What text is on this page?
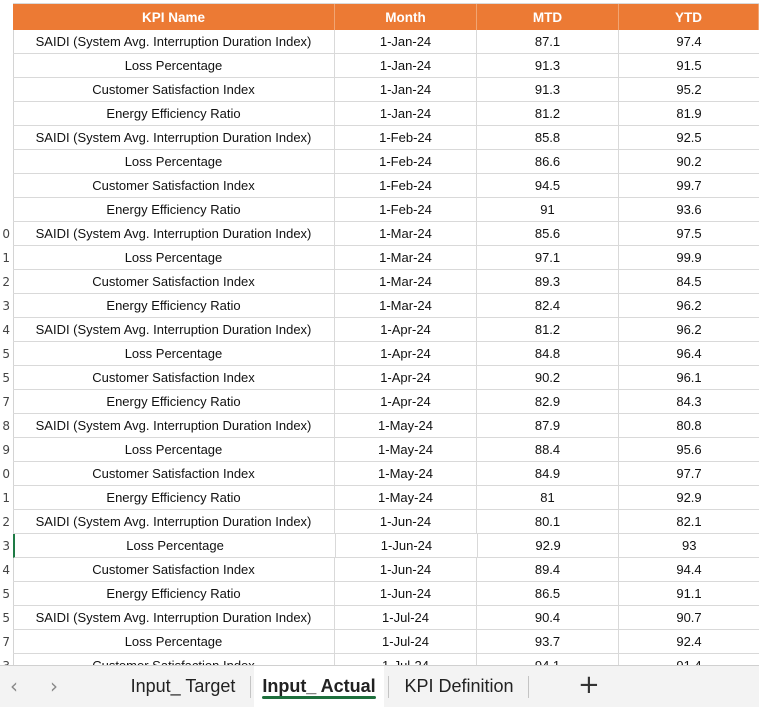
0
1
2
3
4
5
5
7
8
9
0
1
2
3
4
5
5
7
KPI Name	Month	MTD	YTD
SAIDI (System Avg. Interruption Duration Index)	1-Jan-24	87.1	97.4
Loss Percentage	1-Jan-24	91.3	91.5
Customer Satisfaction Index	1-Jan-24	91.3	95.2
Energy Efficiency Ratio	1-Jan-24	81.2	81.9
SAIDI (System Avg. Interruption Duration Index)	1-Feb-24	85.8	92.5
Loss Percentage	1-Feb-24	86.6	90.2
Customer Satisfaction Index	1-Feb-24	94.5	99.7
Energy Efficiency Ratio	1-Feb-24	91	93.6
SAIDI (System Avg. Interruption Duration Index)	1-Mar-24	85.6	97.5
Loss Percentage	1-Mar-24	97.1	99.9
Customer Satisfaction Index	1-Mar-24	89.3	84.5
Energy Efficiency Ratio	1-Mar-24	82.4	96.2
SAIDI (System Avg. Interruption Duration Index)	1-Apr-24	81.2	96.2
Loss Percentage	1-Apr-24	84.8	96.4
Customer Satisfaction Index	1-Apr-24	90.2	96.1
Energy Efficiency Ratio	1-Apr-24	82.9	84.3
SAIDI (System Avg. Interruption Duration Index)	1-May-24	87.9	80.8
Loss Percentage	1-May-24	88.4	95.6
Customer Satisfaction Index	1-May-24	84.9	97.7
Energy Efficiency Ratio	1-May-24	81	92.9
SAIDI (System Avg. Interruption Duration Index)	1-Jun-24	80.1	82.1
Loss Percentage	1-Jun-24	92.9	93
Customer Satisfaction Index	1-Jun-24	89.4	94.4
Energy Efficiency Ratio	1-Jun-24	86.5	91.1
SAIDI (System Avg. Interruption Duration Index)	1-Jul-24	90.4	90.7
Loss Percentage	1-Jul-24	93.7	92.4
‹ ›	Input_ Target Input_ Actual KPI Definition +
